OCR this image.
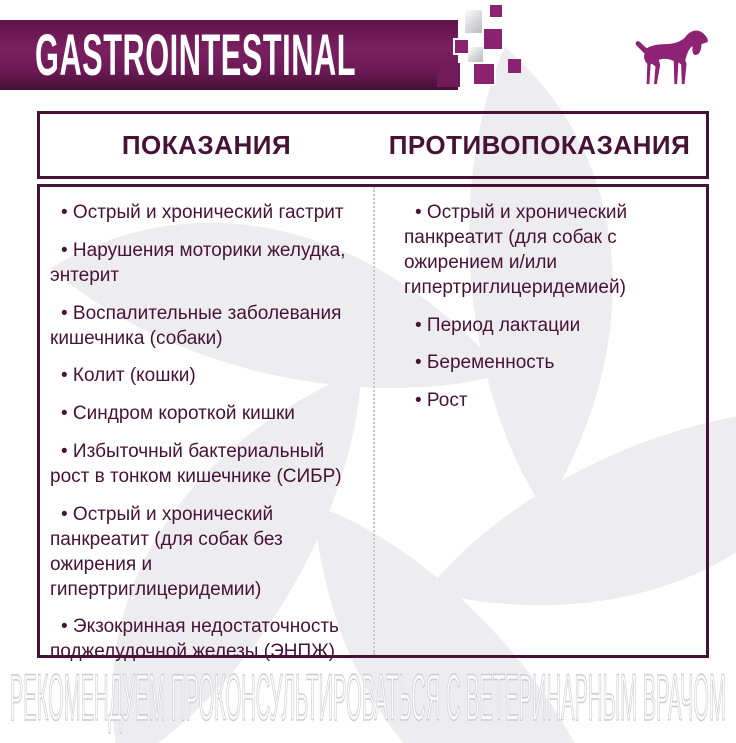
GASTROINTESTINAL
ПОКАЗАНИЯ	ПРОТИВОПОКАЗАНИЯ
• Острый и хронический гастрит
• Нарушения моторики желудка, энтерит
• Воспалительные заболевания кишечника (собаки)
• Колит (кошки)
• Синдром короткой кишки
• Избыточный бактериальный рост в тонком кишечнике (СИБР)
• Острый и хронический панкреатит (для собак без ожирения и гипертриглицеридемии)
• Экзокринная недостаточность поджелудочной железы (ЭНПЖ)
• Острый и хронический панкреатит (для собак с ожирением и/или гипертриглицеридемией)
• Период лактации
• Беременность
• Рост
РЕКОМЕНДУЕМ ПРОКОНСУЛЬТИРОВАТЬСЯ С ВЕТЕРИНАРНЫМ ВРАЧОМ
